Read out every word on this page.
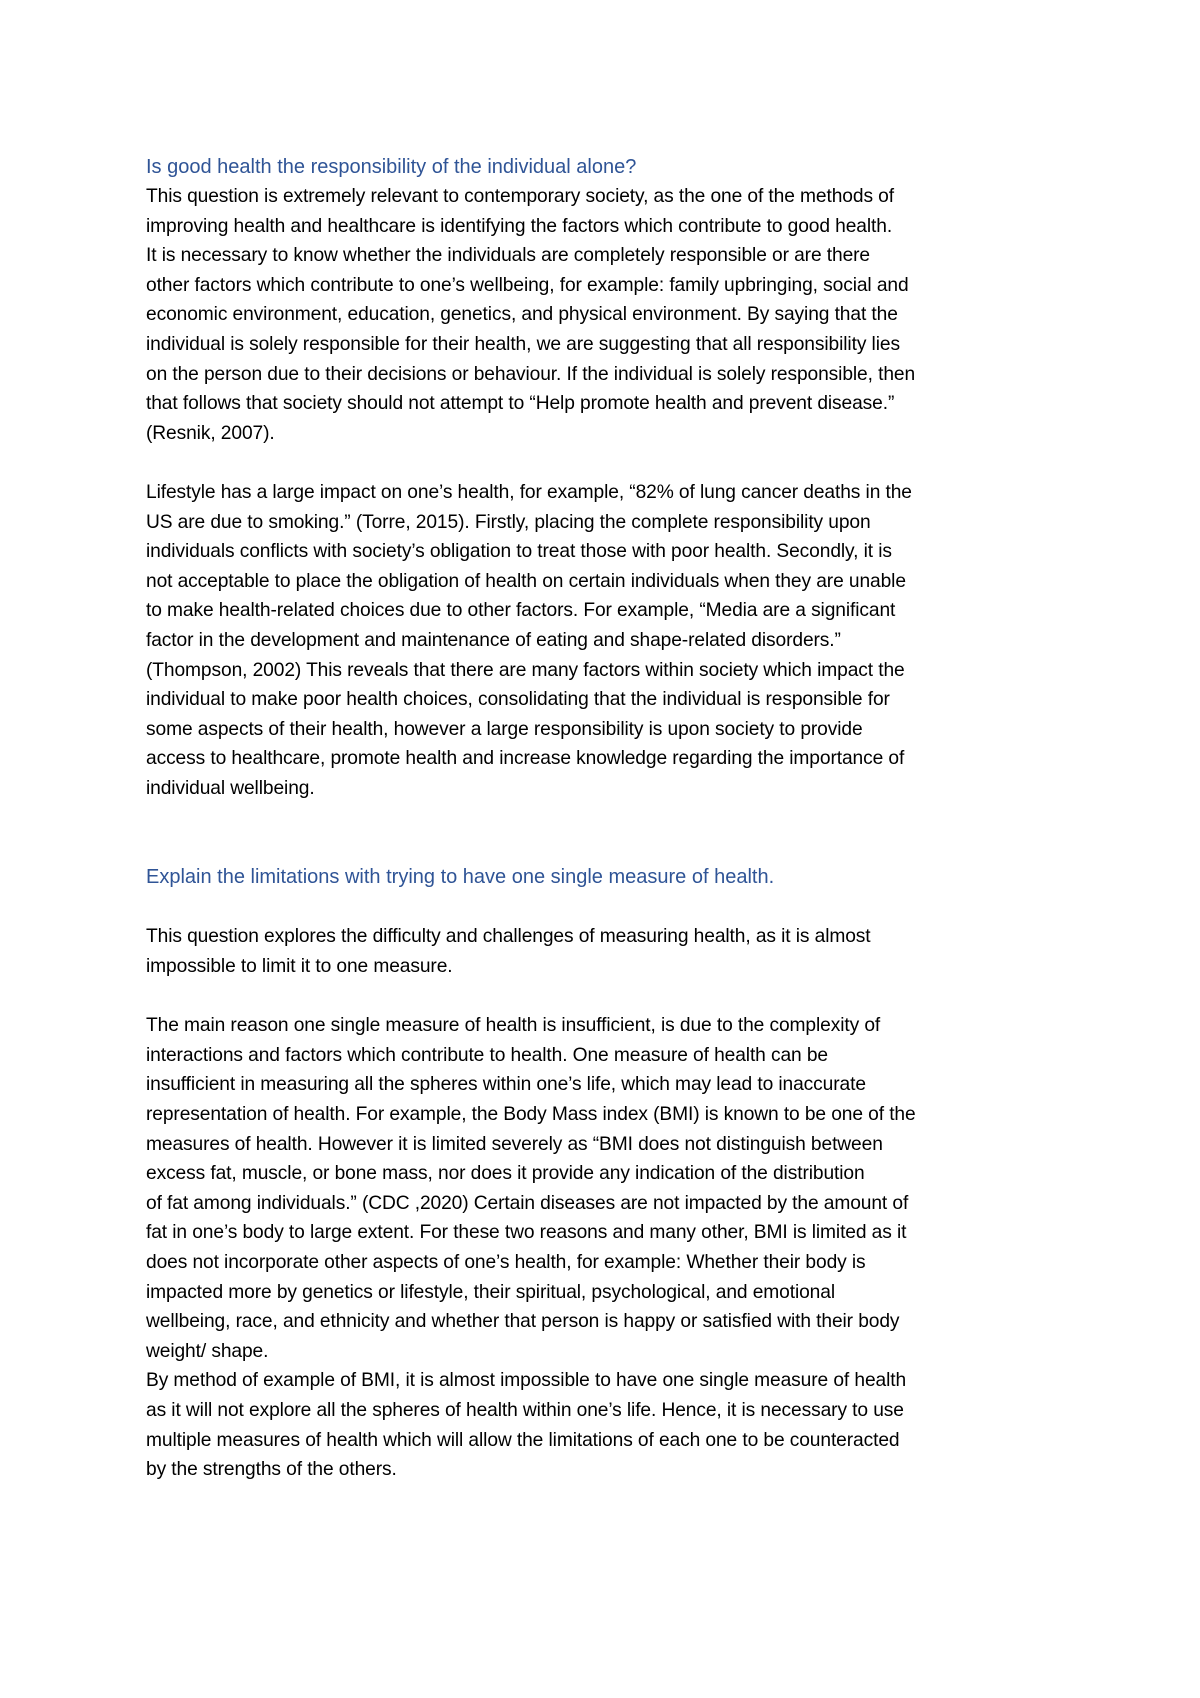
Is good health the responsibility of the individual alone?

This question is extremely relevant to contemporary society, as the one of the methods of
improving health and healthcare is identifying the factors which contribute to good health.
It is necessary to know whether the individuals are completely responsible or are there
other factors which contribute to one’s wellbeing, for example: family upbringing, social and
economic environment, education, genetics, and physical environment. By saying that the
individual is solely responsible for their health, we are suggesting that all responsibility lies
on the person due to their decisions or behaviour. If the individual is solely responsible, then
that follows that society should not attempt to “Help promote health and prevent disease.”
(Resnik, 2007).

Lifestyle has a large impact on one’s health, for example, “82% of lung cancer deaths in the
US are due to smoking.” (Torre, 2015). Firstly, placing the complete responsibility upon
individuals conflicts with society’s obligation to treat those with poor health. Secondly, it is
not acceptable to place the obligation of health on certain individuals when they are unable
to make health-related choices due to other factors. For example, “Media are a significant
factor in the development and maintenance of eating and shape-related disorders.”
(Thompson, 2002) This reveals that there are many factors within society which impact the
individual to make poor health choices, consolidating that the individual is responsible for
some aspects of their health, however a large responsibility is upon society to provide
access to healthcare, promote health and increase knowledge regarding the importance of
individual wellbeing.

Explain the limitations with trying to have one single measure of health.

This question explores the difficulty and challenges of measuring health, as it is almost
impossible to limit it to one measure.

The main reason one single measure of health is insufficient, is due to the complexity of
interactions and factors which contribute to health. One measure of health can be
insufficient in measuring all the spheres within one’s life, which may lead to inaccurate
representation of health. For example, the Body Mass index (BMI) is known to be one of the
measures of health. However it is limited severely as “BMI does not distinguish between
excess fat, muscle, or bone mass, nor does it provide any indication of the distribution
of fat among individuals.” (CDC ,2020) Certain diseases are not impacted by the amount of
fat in one’s body to large extent. For these two reasons and many other, BMI is limited as it
does not incorporate other aspects of one’s health, for example: Whether their body is
impacted more by genetics or lifestyle, their spiritual, psychological, and emotional
wellbeing, race, and ethnicity and whether that person is happy or satisfied with their body
weight/ shape.
By method of example of BMI, it is almost impossible to have one single measure of health
as it will not explore all the spheres of health within one’s life. Hence, it is necessary to use
multiple measures of health which will allow the limitations of each one to be counteracted
by the strengths of the others.
